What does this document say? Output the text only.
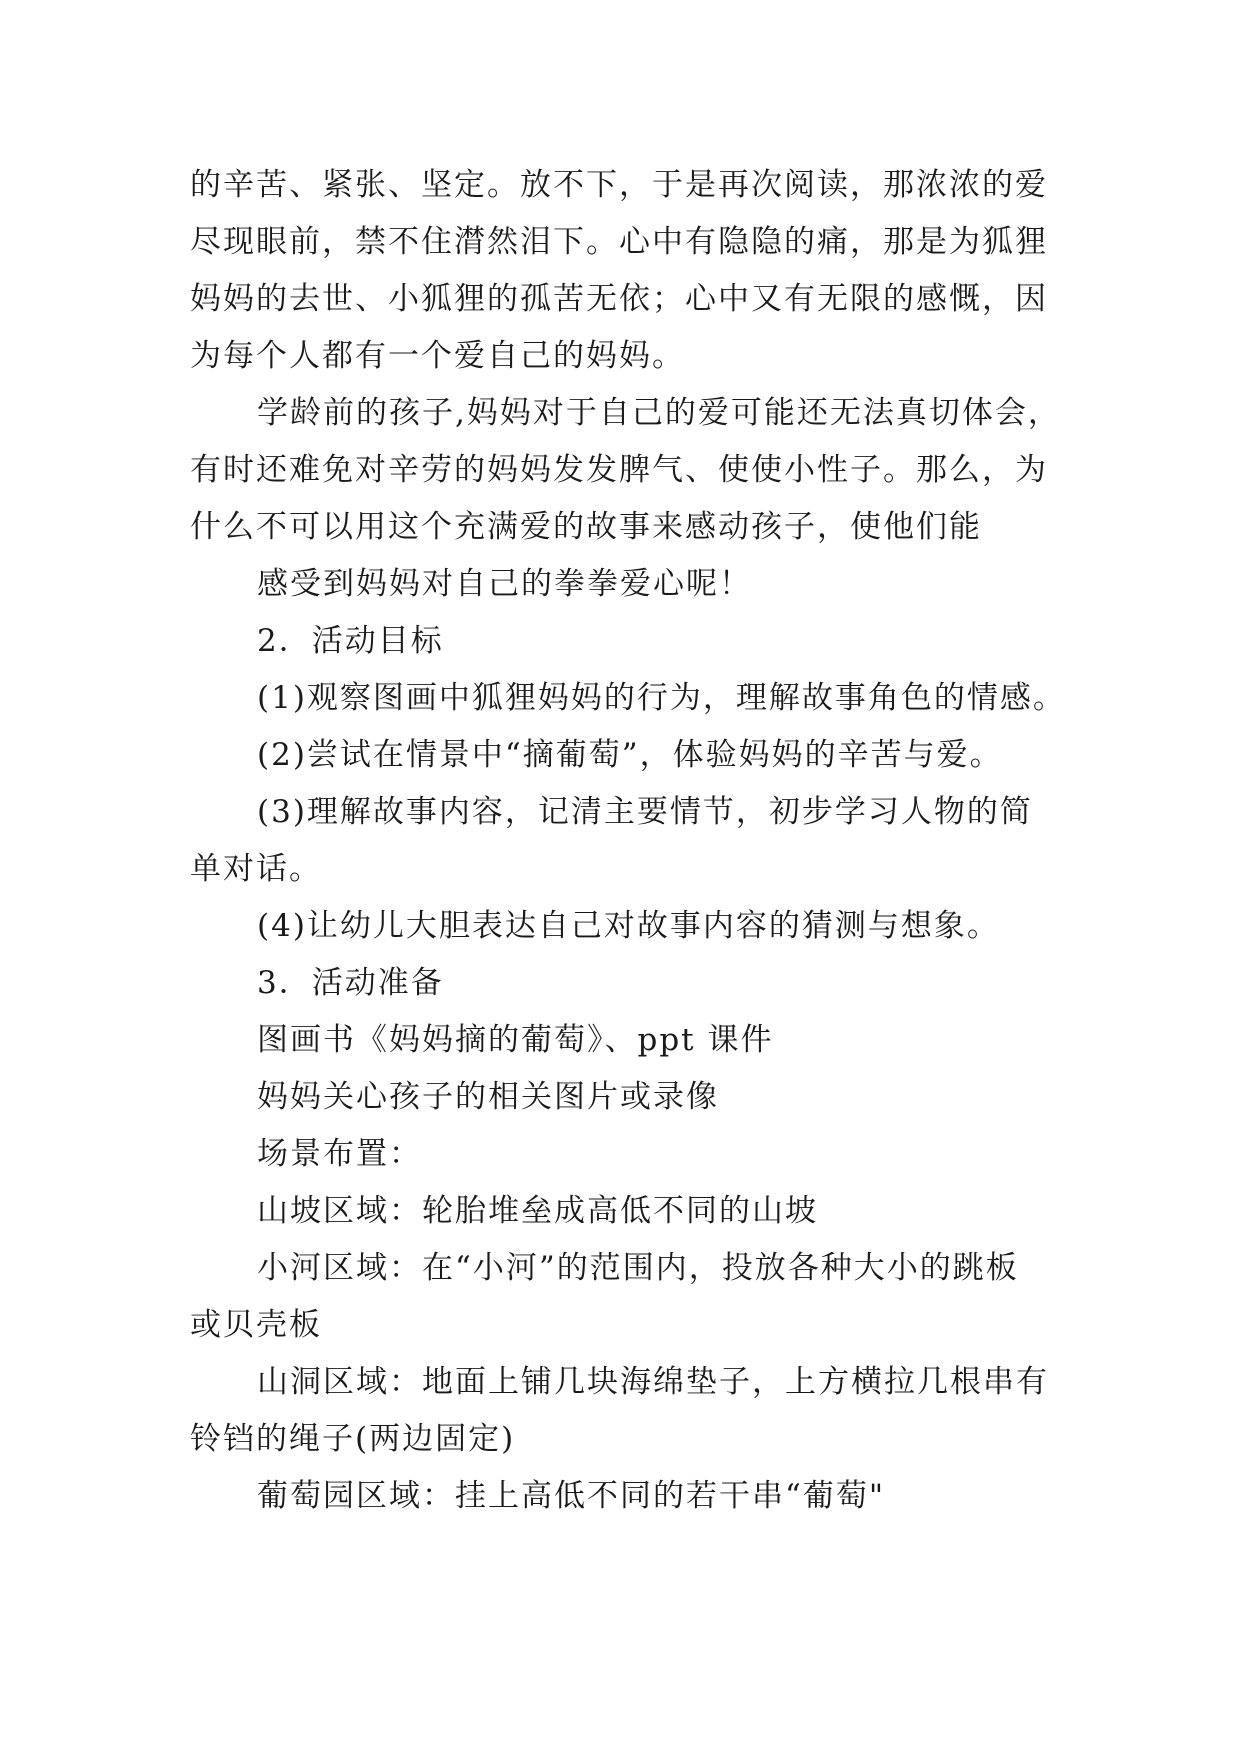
的辛苦、紧张、坚定。放不下，于是再次阅读，那浓浓的爱
尽现眼前，禁不住潸然泪下。心中有隐隐的痛，那是为狐狸
妈妈的去世、小狐狸的孤苦无依；心中又有无限的感慨，因
为每个人都有一个爱自己的妈妈。
学龄前的孩子,妈妈对于自己的爱可能还无法真切体会，
有时还难免对辛劳的妈妈发发脾气、使使小性子。那么，为
什么不可以用这个充满爱的故事来感动孩子，使他们能
感受到妈妈对自己的拳拳爱心呢！
2．活动目标
(1)观察图画中狐狸妈妈的行为，理解故事角色的情感。
(2)尝试在情景中“摘葡萄”，体验妈妈的辛苦与爱。
(3)理解故事内容，记清主要情节，初步学习人物的简
单对话。
(4)让幼儿大胆表达自己对故事内容的猜测与想象。
3．活动准备
图画书《妈妈摘的葡萄》、ppt 课件
妈妈关心孩子的相关图片或录像
场景布置：
山坡区域：轮胎堆垒成高低不同的山坡
小河区域：在“小河”的范围内，投放各种大小的跳板
或贝壳板
山洞区域：地面上铺几块海绵垫子，上方横拉几根串有
铃铛的绳子(两边固定)
葡萄园区域：挂上高低不同的若干串“葡萄"
